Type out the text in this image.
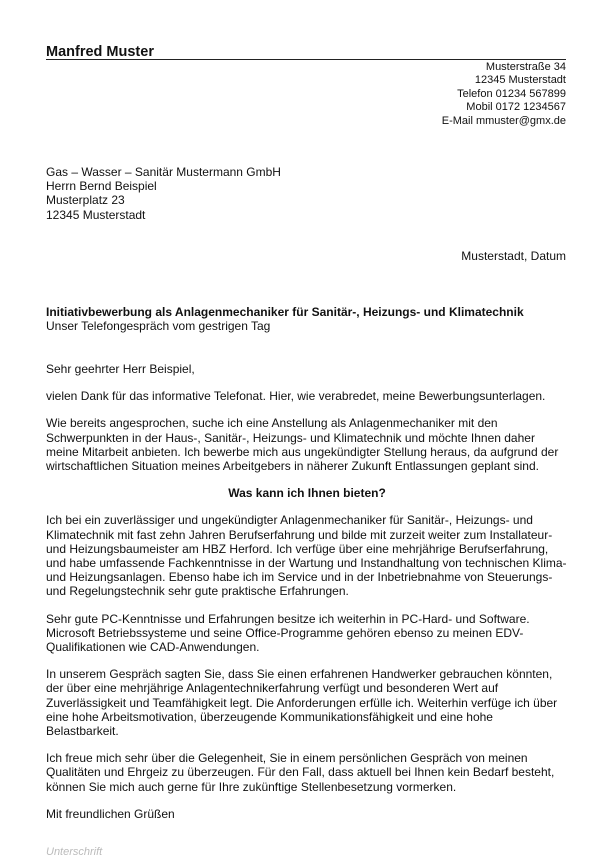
Manfred Muster
Musterstraße 34
12345 Musterstadt
Telefon 01234 567899
Mobil 0172 1234567
E-Mail mmuster@gmx.de
Gas – Wasser – Sanitär Mustermann GmbH
Herrn Bernd Beispiel
Musterplatz 23
12345 Musterstadt
Musterstadt, Datum
Initiativbewerbung als Anlagenmechaniker für Sanitär-, Heizungs- und Klimatechnik
Unser Telefongespräch vom gestrigen Tag

Sehr geehrter Herr Beispiel,

vielen Dank für das informative Telefonat. Hier, wie verabredet, meine Bewerbungsunterlagen.

Wie bereits angesprochen, suche ich eine Anstellung als Anlagenmechaniker mit den Schwerpunkten in der Haus-, Sanitär-, Heizungs- und Klimatechnik und möchte Ihnen daher meine Mitarbeit anbieten. Ich bewerbe mich aus ungekündigter Stellung heraus, da aufgrund der wirtschaftlichen Situation meines Arbeitgebers in näherer Zukunft Entlassungen geplant sind.

Was kann ich Ihnen bieten?

Ich bei ein zuverlässiger und ungekündigter Anlagenmechaniker für Sanitär-, Heizungs- und Klimatechnik mit fast zehn Jahren Berufserfahrung und bilde mit zurzeit weiter zum Installateur- und Heizungsbaumeister am HBZ Herford. Ich verfüge über eine mehrjährige Berufserfahrung, und habe umfassende Fachkenntnisse in der Wartung und Instandhaltung von technischen Klima- und Heizungsanlagen. Ebenso habe ich im Service und in der Inbetriebnahme von Steuerungs- und Regelungstechnik sehr gute praktische Erfahrungen.

Sehr gute PC-Kenntnisse und Erfahrungen besitze ich weiterhin in PC-Hard- und Software. Microsoft Betriebssysteme und seine Office-Programme gehören ebenso zu meinen EDV-Qualifikationen wie CAD-Anwendungen.

In unserem Gespräch sagten Sie, dass Sie einen erfahrenen Handwerker gebrauchen könnten, der über eine mehrjährige Anlagentechnikerfahrung verfügt und besonderen Wert auf Zuverlässigkeit und Teamfähigkeit legt. Die Anforderungen erfülle ich. Weiterhin verfüge ich über eine hohe Arbeitsmotivation, überzeugende Kommunikationsfähigkeit und eine hohe Belastbarkeit.

Ich freue mich sehr über die Gelegenheit, Sie in einem persönlichen Gespräch von meinen Qualitäten und Ehrgeiz zu überzeugen. Für den Fall, dass aktuell bei Ihnen kein Bedarf besteht, können Sie mich auch gerne für Ihre zukünftige Stellenbesetzung vormerken.

Mit freundlichen Grüßen

Unterschrift
